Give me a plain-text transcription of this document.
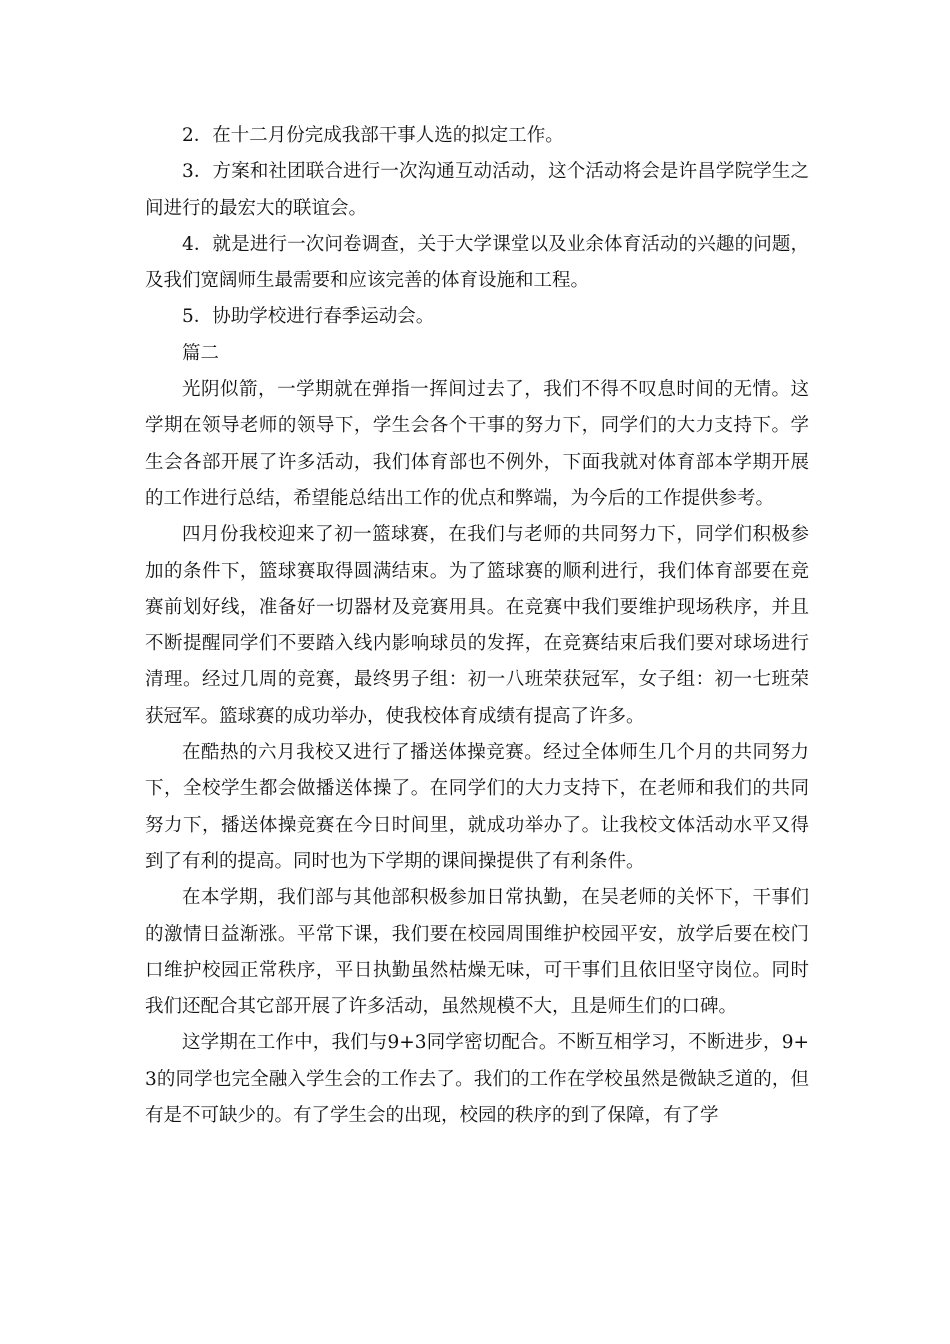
2．在十二月份完成我部干事人选的拟定工作。

3．方案和社团联合进行一次沟通互动活动，这个活动将会是许昌学院学生之间进行的最宏大的联谊会。

4．就是进行一次问卷调查，关于大学课堂以及业余体育活动的兴趣的问题，及我们宽阔师生最需要和应该完善的体育设施和工程。

5．协助学校进行春季运动会。

篇二

光阴似箭，一学期就在弹指一挥间过去了，我们不得不叹息时间的无情。这学期在领导老师的领导下，学生会各个干事的努力下，同学们的大力支持下。学生会各部开展了许多活动，我们体育部也不例外，下面我就对体育部本学期开展的工作进行总结，希望能总结出工作的优点和弊端，为今后的工作提供参考。

四月份我校迎来了初一篮球赛，在我们与老师的共同努力下，同学们积极参加的条件下，篮球赛取得圆满结束。为了篮球赛的顺利进行，我们体育部要在竞赛前划好线，准备好一切器材及竞赛用具。在竞赛中我们要维护现场秩序，并且不断提醒同学们不要踏入线内影响球员的发挥，在竞赛结束后我们要对球场进行清理。经过几周的竞赛，最终男子组：初一八班荣获冠军，女子组：初一七班荣获冠军。篮球赛的成功举办，使我校体育成绩有提高了许多。

在酷热的六月我校又进行了播送体操竞赛。经过全体师生几个月的共同努力下，全校学生都会做播送体操了。在同学们的大力支持下，在老师和我们的共同努力下，播送体操竞赛在今日时间里，就成功举办了。让我校文体活动水平又得到了有利的提高。同时也为下学期的课间操提供了有利条件。

在本学期，我们部与其他部积极参加日常执勤，在吴老师的关怀下，干事们的激情日益渐涨。平常下课，我们要在校园周围维护校园平安，放学后要在校门口维护校园正常秩序，平日执勤虽然枯燥无味，可干事们且依旧坚守岗位。同时我们还配合其它部开展了许多活动，虽然规模不大，且是师生们的口碑。

这学期在工作中，我们与9+3同学密切配合。不断互相学习，不断进步，9+3的同学也完全融入学生会的工作去了。我们的工作在学校虽然是微缺乏道的，但有是不可缺少的。有了学生会的出现，校园的秩序的到了保障，有了学
